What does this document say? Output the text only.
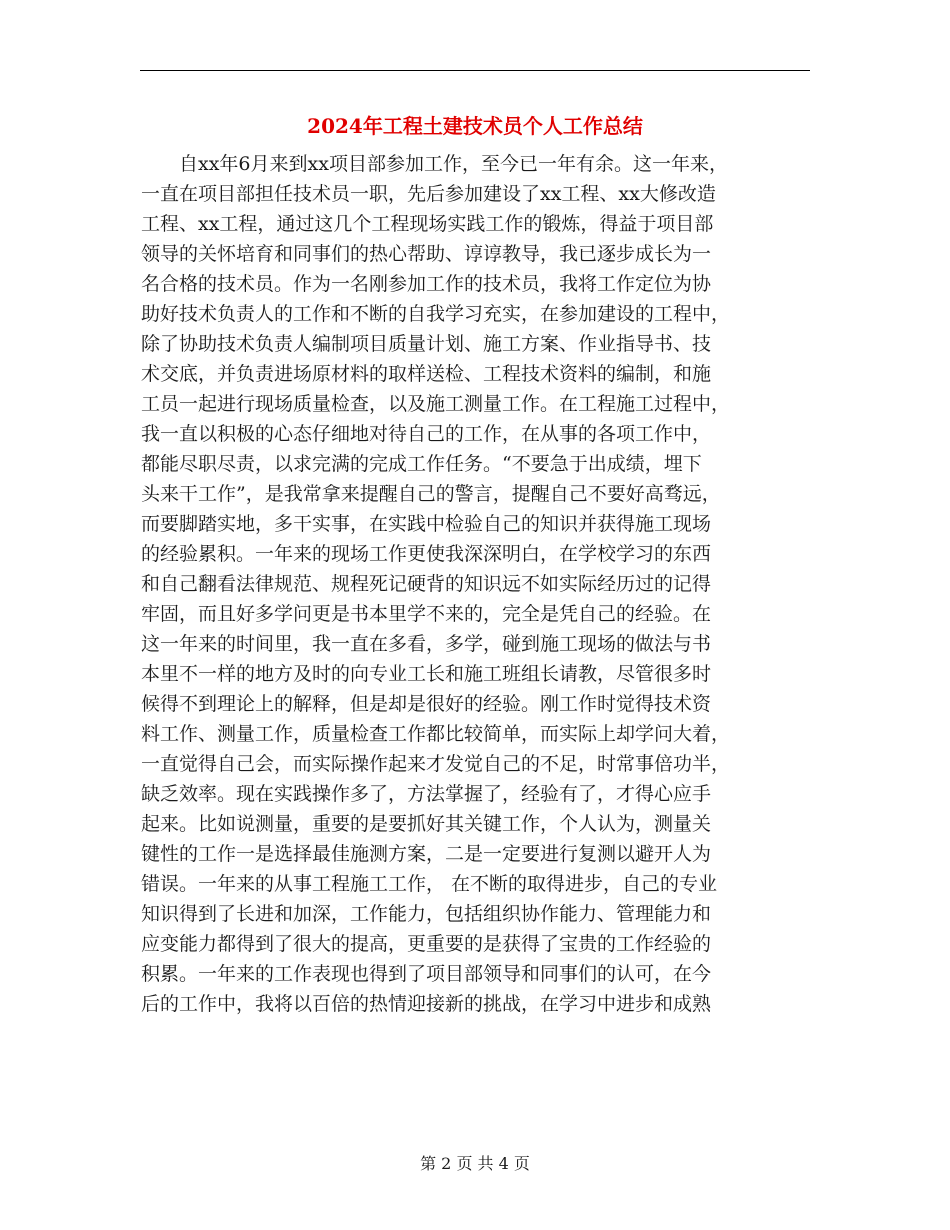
2024年工程土建技术员个人工作总结
　　自xx年6月来到xx项目部参加工作，至今已一年有余。这一年来，
一直在项目部担任技术员一职，先后参加建设了xx工程、xx大修改造
工程、xx工程，通过这几个工程现场实践工作的锻炼，得益于项目部
领导的关怀培育和同事们的热心帮助、谆谆教导，我已逐步成长为一
名合格的技术员。作为一名刚参加工作的技术员，我将工作定位为协
助好技术负责人的工作和不断的自我学习充实，在参加建设的工程中，
除了协助技术负责人编制项目质量计划、施工方案、作业指导书、技
术交底，并负责进场原材料的取样送检、工程技术资料的编制，和施
工员一起进行现场质量检查，以及施工测量工作。在工程施工过程中，
我一直以积极的心态仔细地对待自己的工作，在从事的各项工作中，
都能尽职尽责，以求完满的完成工作任务。“不要急于出成绩，埋下
头来干工作”，是我常拿来提醒自己的警言，提醒自己不要好高骛远，
而要脚踏实地，多干实事，在实践中检验自己的知识并获得施工现场
的经验累积。一年来的现场工作更使我深深明白，在学校学习的东西
和自己翻看法律规范、规程死记硬背的知识远不如实际经历过的记得
牢固，而且好多学问更是书本里学不来的，完全是凭自己的经验。在
这一年来的时间里，我一直在多看，多学，碰到施工现场的做法与书
本里不一样的地方及时的向专业工长和施工班组长请教，尽管很多时
候得不到理论上的解释，但是却是很好的经验。刚工作时觉得技术资
料工作、测量工作，质量检查工作都比较简单，而实际上却学问大着，
一直觉得自己会，而实际操作起来才发觉自己的不足，时常事倍功半，
缺乏效率。现在实践操作多了，方法掌握了，经验有了，才得心应手
起来。比如说测量，重要的是要抓好其关键工作，个人认为，测量关
键性的工作一是选择最佳施测方案，二是一定要进行复测以避开人为
错误。一年来的从事工程施工工作， 在不断的取得进步，自己的专业
知识得到了长进和加深，工作能力，包括组织协作能力、管理能力和
应变能力都得到了很大的提高，更重要的是获得了宝贵的工作经验的
积累。一年来的工作表现也得到了项目部领导和同事们的认可，在今
后的工作中，我将以百倍的热情迎接新的挑战，在学习中进步和成熟
第 2 页 共 4 页
